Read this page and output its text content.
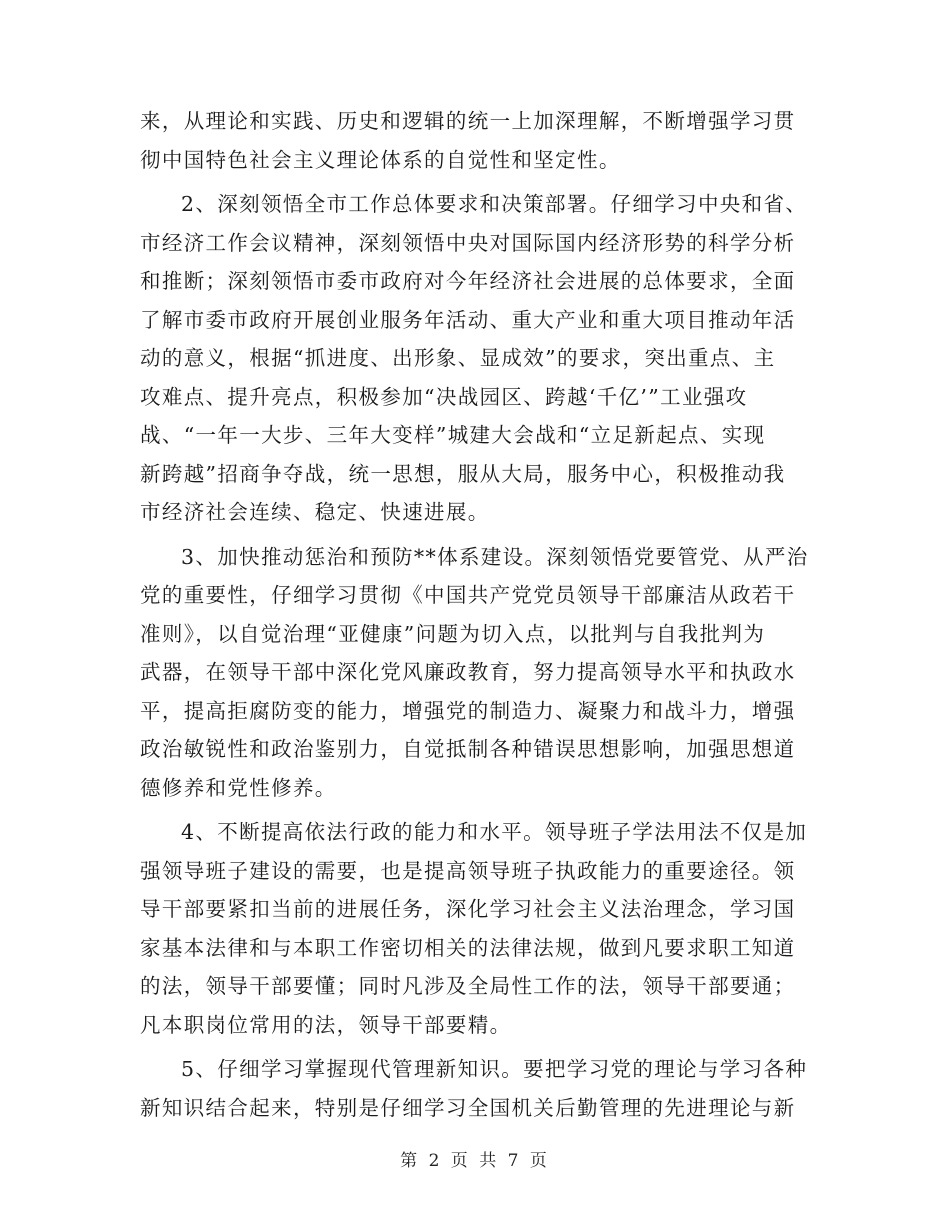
来，从理论和实践、历史和逻辑的统一上加深理解，不断增强学习贯
彻中国特色社会主义理论体系的自觉性和坚定性。
2、深刻领悟全市工作总体要求和决策部署。仔细学习中央和省、
市经济工作会议精神，深刻领悟中央对国际国内经济形势的科学分析
和推断；深刻领悟市委市政府对今年经济社会进展的总体要求，全面
了解市委市政府开展创业服务年活动、重大产业和重大项目推动年活
动的意义，根据“抓进度、出形象、显成效”的要求，突出重点、主
攻难点、提升亮点，积极参加“决战园区、跨越‘千亿’”工业强攻
战、“一年一大步、三年大变样”城建大会战和“立足新起点、实现
新跨越”招商争夺战，统一思想，服从大局，服务中心，积极推动我
市经济社会连续、稳定、快速进展。
3、加快推动惩治和预防**体系建设。深刻领悟党要管党、从严治
党的重要性，仔细学习贯彻《中国共产党党员领导干部廉洁从政若干
准则》，以自觉治理“亚健康”问题为切入点，以批判与自我批判为
武器，在领导干部中深化党风廉政教育，努力提高领导水平和执政水
平，提高拒腐防变的能力，增强党的制造力、凝聚力和战斗力，增强
政治敏锐性和政治鉴别力，自觉抵制各种错误思想影响，加强思想道
德修养和党性修养。
4、不断提高依法行政的能力和水平。领导班子学法用法不仅是加
强领导班子建设的需要，也是提高领导班子执政能力的重要途径。领
导干部要紧扣当前的进展任务，深化学习社会主义法治理念，学习国
家基本法律和与本职工作密切相关的法律法规，做到凡要求职工知道
的法，领导干部要懂；同时凡涉及全局性工作的法，领导干部要通；
凡本职岗位常用的法，领导干部要精。
5、仔细学习掌握现代管理新知识。要把学习党的理论与学习各种
新知识结合起来，特别是仔细学习全国机关后勤管理的先进理论与新
第 2 页 共 7 页
